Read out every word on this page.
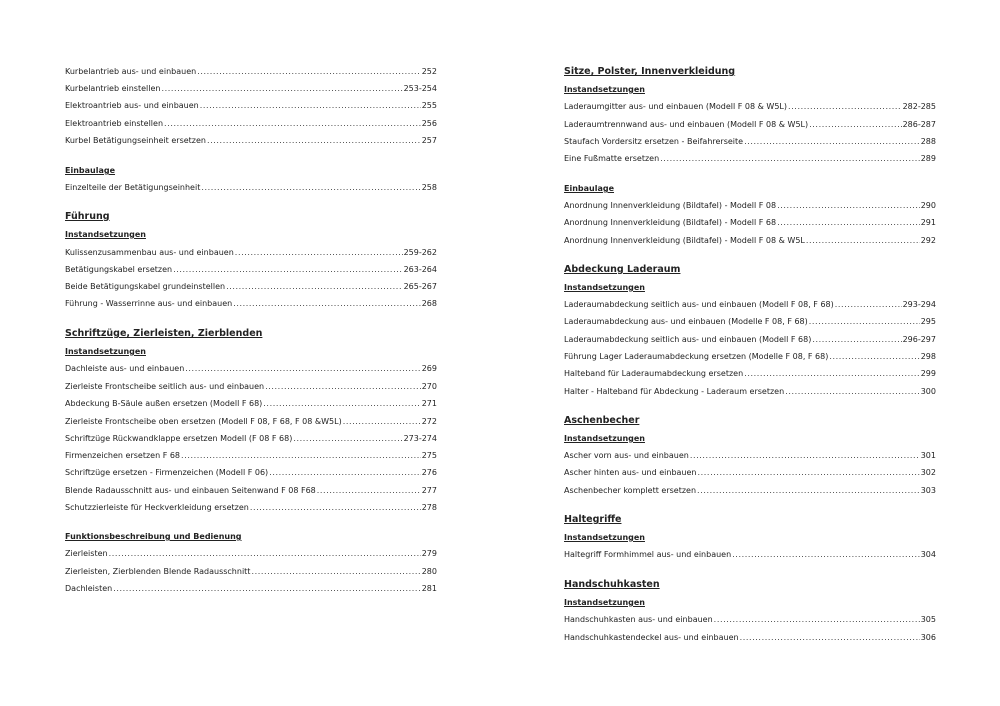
Kurbelantrieb aus- und einbauen .....	252
Kurbelantrieb einstellen .....	253-254
Elektroantrieb aus- und einbauen .....	255
Elektroantrieb einstellen .....	256
Kurbel Betätigungseinheit ersetzen .....	257
Einbaulage
Einzelteile der Betätigungseinheit .....	258
Führung
Instandsetzungen
Kulissenzusammenbau aus- und einbauen .....	259-262
Betätigungskabel ersetzen .....	263-264
Beide Betätigungskabel grundeinstellen .....	265-267
Führung - Wasserrinne aus- und einbauen .....	268
Schriftzüge, Zierleisten, Zierblenden
Instandsetzungen
Dachleiste aus- und einbauen .....	269
Zierleiste Frontscheibe seitlich aus- und einbauen .....	270
Abdeckung B-Säule außen ersetzen (Modell F 68) .....	271
Zierleiste Frontscheibe oben ersetzen (Modell F 08, F 68, F 08 &W5L) .....	272
Schriftzüge Rückwandklappe ersetzen Modell (F 08 F 68) .....	273-274
Firmenzeichen ersetzen F 68 .....	275
Schriftzüge ersetzen - Firmenzeichen (Modell F 06) .....	276
Blende Radausschnitt aus- und einbauen Seitenwand F 08 F68 .....	277
Schutzzierleiste für Heckverkleidung ersetzen .....	278
Funktionsbeschreibung und Bedienung
Zierleisten .....	279
Zierleisten, Zierblenden Blende Radausschnitt .....	280
Dachleisten .....	281
Sitze, Polster, Innenverkleidung
Instandsetzungen
Laderaumgitter aus- und einbauen (Modell F 08 & W5L) .....	282-285
Laderaumtrennwand aus- und einbauen (Modell F 08 & W5L) .....	286-287
Staufach Vordersitz ersetzen - Beifahrerseite .....	288
Eine Fußmatte ersetzen .....	289
Einbaulage
Anordnung Innenverkleidung (Bildtafel) - Modell F 08 .....	290
Anordnung Innenverkleidung (Bildtafel) - Modell F 68 .....	291
Anordnung Innenverkleidung (Bildtafel) - Modell F 08 & W5L .....	292
Abdeckung Laderaum
Instandsetzungen
Laderaumabdeckung seitlich aus- und einbauen (Modell F 08, F 68) .....	293-294
Laderaumabdeckung aus- und einbauen (Modelle F 08, F 68) .....	295
Laderaumabdeckung seitlich aus- und einbauen (Modell F 68) .....	296-297
Führung Lager Laderaumabdeckung ersetzen (Modelle F 08, F 68) .....	298
Halteband für Laderaumabdeckung ersetzen .....	299
Halter - Halteband für Abdeckung - Laderaum ersetzen .....	300
Aschenbecher
Instandsetzungen
Ascher vorn aus- und einbauen .....	301
Ascher hinten aus- und einbauen .....	302
Aschenbecher komplett ersetzen .....	303
Haltegriffe
Instandsetzungen
Haltegriff Formhimmel aus- und einbauen .....	304
Handschuhkasten
Instandsetzungen
Handschuhkasten aus- und einbauen .....	305
Handschuhkastendeckel aus- und einbauen .....	306
